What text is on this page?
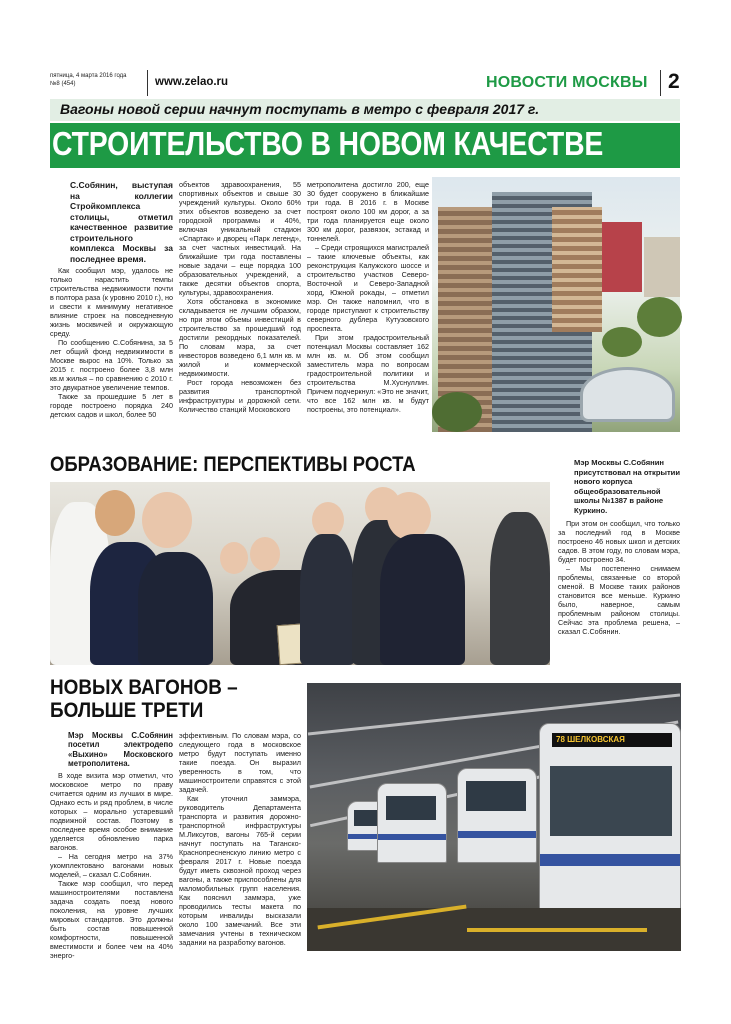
пятница, 4 марта 2016 года
№8 (454)	www.zelao.ru	НОВОСТИ МОСКВЫ 2
Вагоны новой серии начнут поступать в метро с февраля 2017 г.
СТРОИТЕЛЬСТВО В НОВОМ КАЧЕСТВЕ

С.Собянин, выступая на коллегии Стройкомплекса столицы, отметил качественное развитие строительного комплекса Москвы за последнее время.

Как сообщил мэр, удалось не только нарастить темпы строительства недвижимости почти в полтора раза (к уровню 2010 г.), но и свести к минимуму негативное влияние строек на повседневную жизнь москвичей и окружающую среду.

По сообщению С.Собянина, за 5 лет общий фонд недвижимости в Москве вырос на 10%. Только за 2015 г. построено более 3,8 млн кв.м жилья – по сравнению с 2010 г. это двукратное увеличение темпов.

Также за прошедшие 5 лет в городе построено порядка 240 детских садов и школ, более 50

объектов здравоохранения, 55 спортивных объектов и свыше 30 учреждений культуры. Около 60% этих объектов возведено за счет городской программы и 40%, включая уникальный стадион «Спартак» и дворец «Парк легенд», за счет частных инвестиций. На ближайшие три года поставлены новые задачи – еще порядка 100 образовательных учреждений, а также десятки объектов спорта, культуры, здравоохранения.

Хотя обстановка в экономике складывается не лучшим образом, но при этом объемы инвестиций в строительство за прошедший год достигли рекордных показателей. По словам мэра, за счет инвесторов возведено 6,1 млн кв. м жилой и коммерческой недвижимости.

Рост города невозможен без развития транспортной инфраструктуры и дорожной сети. Количество станций Московского

метрополитена достигло 200, еще 30 будет сооружено в ближайшие три года. В 2016 г. в Москве построят около 100 км дорог, а за три года планируется еще около 300 км дорог, развязок, эстакад и тоннелей.

– Среди строящихся магистралей – такие ключевые объекты, как реконструкция Калужского шоссе и строительство участков Северо-Восточной и Северо-Западной хорд, Южной рокады, – отметил мэр. Он также напомнил, что в городе приступают к строительству северного дублера Кутузовского проспекта.

При этом градостроительный потенциал Москвы составляет 162 млн кв. м. Об этом сообщил заместитель мэра по вопросам градостроительной политики и строительства М.Хуснуллин. Причем подчеркнул: «Это не значит, что все 162 млн кв. м будут построены, это потенциал».

ОБРАЗОВАНИЕ: ПЕРСПЕКТИВЫ РОСТА	Мэр Москвы С.Собянин присутствовал на открытии нового корпуса общеобразовательной школы №1387 в районе Куркино.

При этом он сообщил, что только за последний год в Москве построено 46 новых школ и детских садов. В этом году, по словам мэра, будет построено 34.

– Мы постепенно снимаем проблемы, связанные со второй сменой. В Москве таких районов становится все меньше. Куркино было, наверное, самым проблемным районом столицы. Сейчас эта проблема решена, – сказал С.Собянин.

НОВЫХ ВАГОНОВ – БОЛЬШЕ ТРЕТИ

Мэр Москвы С.Собянин посетил электродепо «Выхино» Московского метрополитена.

В ходе визита мэр отметил, что московское метро по праву считается одним из лучших в мире. Однако есть и ряд проблем, в числе которых – морально устаревший подвижной состав. Поэтому в последнее время особое внимание уделяется обновлению парка вагонов.

– На сегодня метро на 37% укомплектовано вагонами новых моделей, – сказал С.Собянин.

Также мэр сообщил, что перед машиностроителями поставлена задача создать поезд нового поколения, на уровне лучших мировых стандартов. Это должны быть состав повышенной комфортности, повышенной вместимости и более чем на 40% энерго-

эффективным. По словам мэра, со следующего года в московское метро будут поступать именно такие поезда. Он выразил уверенность в том, что машиностроители справятся с этой задачей.

Как уточнил заммэра, руководитель Департамента транспорта и развития дорожно-транспортной инфраструктуры М.Ликсутов, вагоны 765-й серии начнут поступать на Таганско-Краснопресненскую линию метро с февраля 2017 г. Новые поезда будут иметь сквозной проход через вагоны, а также приспособлены для маломобильных групп населения. Как пояснил заммэра, уже проводились тесты макета по которым инвалиды высказали около 100 замечаний. Все эти замечания учтены в техническом задании на разработку вагонов.

78 ШЕЛКОВСКАЯ
